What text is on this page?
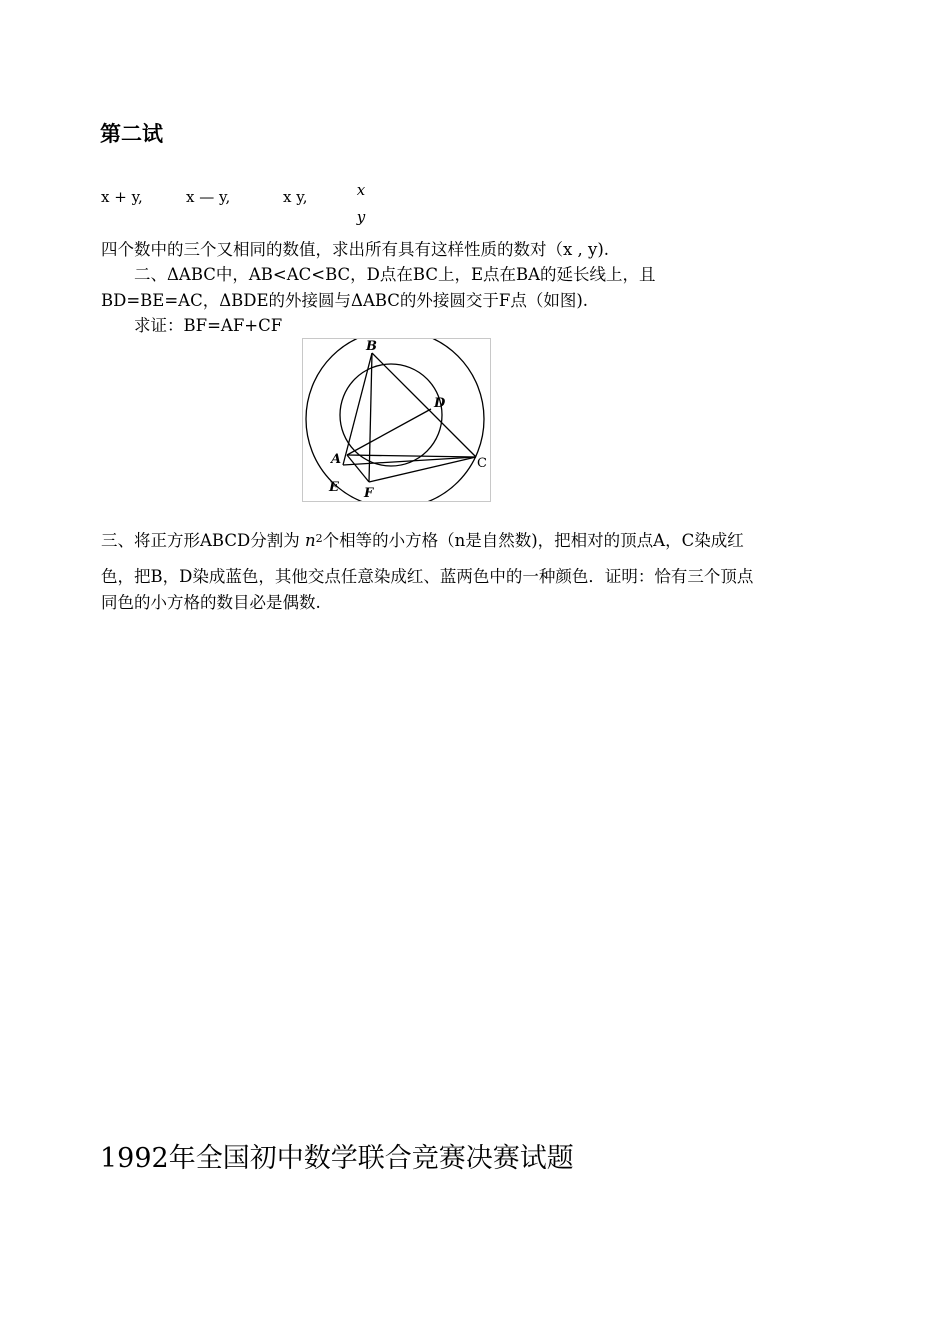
第二试
x + y,	x — y,	x y,	x
y
四个数中的三个又相同的数值，求出所有具有这样性质的数对（x , y).
二、ΔABC中，AB<AC<BC，D点在BC上，E点在BA的延长线上，且
BD=BE=AC，ΔBDE的外接圆与ΔABC的外接圆交于F点（如图).
求证：BF=AF+CF
B
D
A	C
E F
三、将正方形ABCD分割为 $n^2$个相等的小方格（n是自然数)，把相对的顶点A，C染成红
色，把B，D染成蓝色，其他交点任意染成红、蓝两色中的一种颜色．证明：恰有三个顶点
同色的小方格的数目必是偶数.
1992年全国初中数学联合竞赛决赛试题
